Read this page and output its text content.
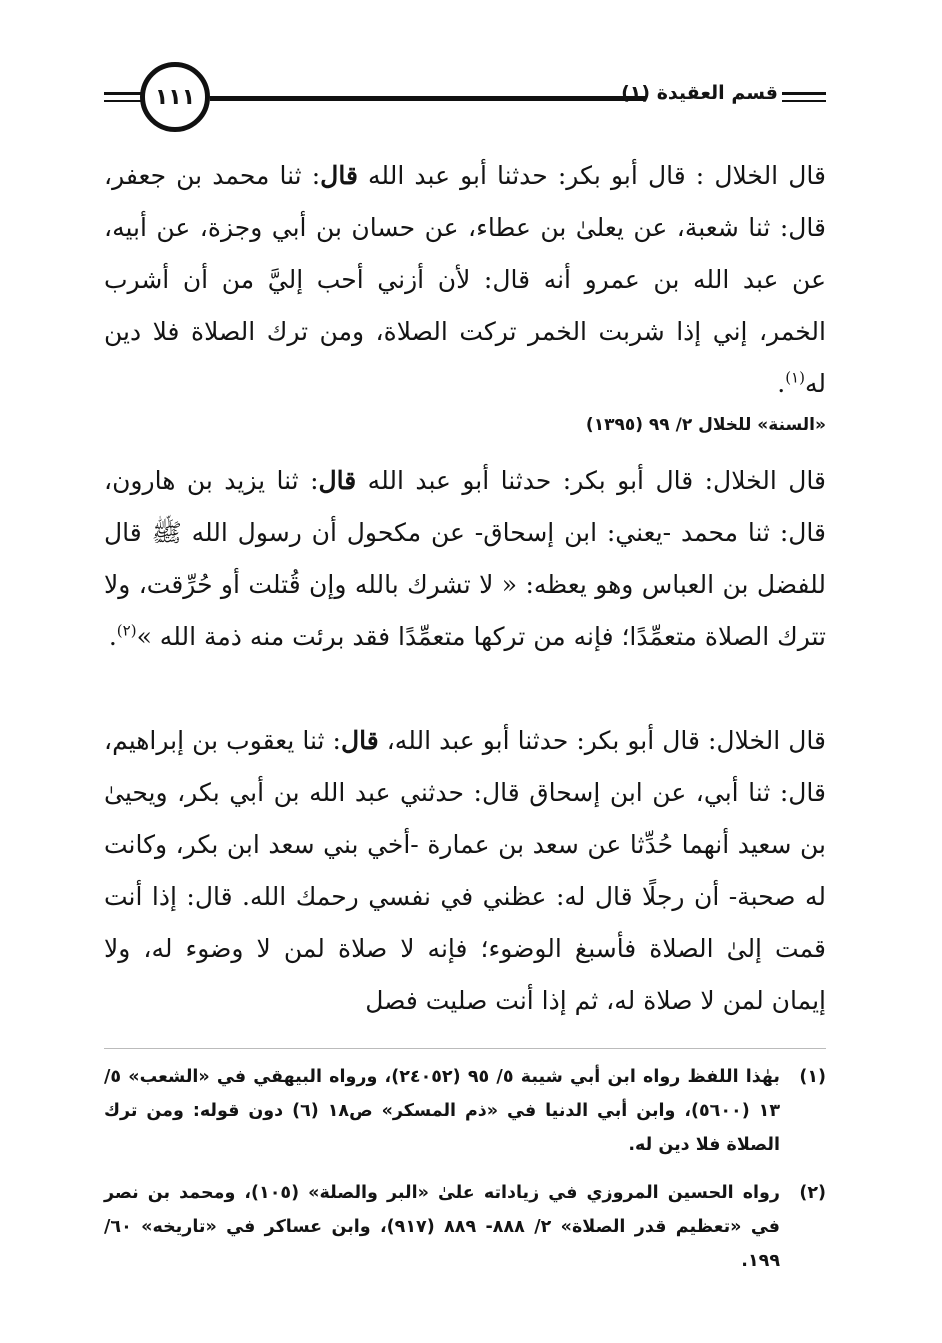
١١١	قسم العقيدة (١)

قال الخلال : قال أبو بكر: حدثنا أبو عبد الله قال: ثنا محمد بن جعفر، قال: ثنا شعبة، عن يعلىٰ بن عطاء، عن حسان بن أبي وجزة، عن أبيه، عن عبد الله بن عمرو أنه قال: لأن أزني أحب إليَّ من أن أشرب الخمر، إني إذا شربت الخمر تركت الصلاة، ومن ترك الصلاة فلا دين له$^{(١)}$.

«السنة» للخلال ٢/ ٩٩ (١٣٩٥)

قال الخلال: قال أبو بكر: حدثنا أبو عبد الله قال: ثنا يزيد بن هارون، قال: ثنا محمد -يعني: ابن إسحاق- عن مكحول أن رسول الله ﷺ قال للفضل بن العباس وهو يعظه: « لا تشرك بالله وإن قُتلت أو حُرِّقت، ولا تترك الصلاة متعمِّدًا؛ فإنه من تركها متعمِّدًا فقد برئت منه ذمة الله »$^{(٢)}$.

قال الخلال: قال أبو بكر: حدثنا أبو عبد الله، قال: ثنا يعقوب بن إبراهيم، قال: ثنا أبي، عن ابن إسحاق قال: حدثني عبد الله بن أبي بكر، ويحيىٰ بن سعيد أنهما حُدِّثا عن سعد بن عمارة -أخي بني سعد ابن بكر، وكانت له صحبة- أن رجلًا قال له: عظني في نفسي رحمك الله. قال: إذا أنت قمت إلىٰ الصلاة فأسبغ الوضوء؛ فإنه لا صلاة لمن لا وضوء له، ولا إيمان لمن لا صلاة له، ثم إذا أنت صليت فصل

(١)
بهٰذا اللفظ رواه ابن أبي شيبة ٥/ ٩٥ (٢٤٠٥٢)، ورواه البيهقي في «الشعب» ٥/ ١٣ (٥٦٠٠)، وابن أبي الدنيا في «ذم المسكر» ص١٨ (٦) دون قوله: ومن ترك الصلاة فلا دين له.
(٢)
رواه الحسين المروزي في زياداته علىٰ «البر والصلة» (١٠٥)، ومحمد بن نصر في «تعظيم قدر الصلاة» ٢/ ٨٨٨- ٨٨٩ (٩١٧)، وابن عساكر في «تاريخه» ٦٠/ ١٩٩.
